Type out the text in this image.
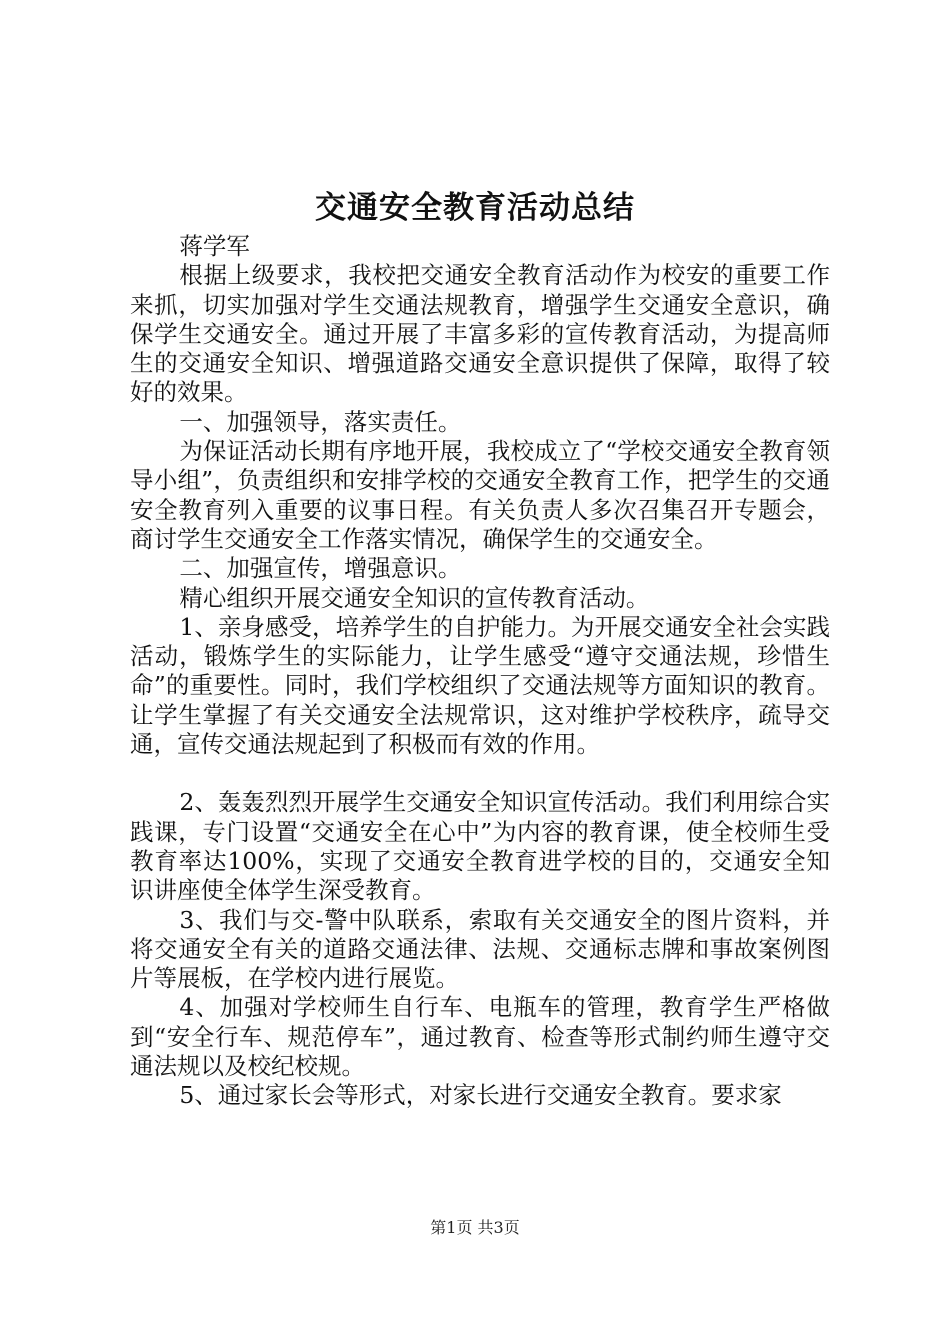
交通安全教育活动总结

蒋学军

根据上级要求，我校把交通安全教育活动作为校安的重要工作来抓，切实加强对学生交通法规教育，增强学生交通安全意识，确保学生交通安全。通过开展了丰富多彩的宣传教育活动，为提高师生的交通安全知识、增强道路交通安全意识提供了保障，取得了较好的效果。

一、加强领导，落实责任。

为保证活动长期有序地开展，我校成立了“学校交通安全教育领导小组”，负责组织和安排学校的交通安全教育工作，把学生的交通安全教育列入重要的议事日程。有关负责人多次召集召开专题会，商讨学生交通安全工作落实情况，确保学生的交通安全。

二、加强宣传，增强意识。

精心组织开展交通安全知识的宣传教育活动。

1、亲身感受，培养学生的自护能力。为开展交通安全社会实践活动，锻炼学生的实际能力，让学生感受“遵守交通法规，珍惜生命”的重要性。同时，我们学校组织了交通法规等方面知识的教育。让学生掌握了有关交通安全法规常识，这对维护学校秩序，疏导交通，宣传交通法规起到了积极而有效的作用。

2、轰轰烈烈开展学生交通安全知识宣传活动。我们利用综合实践课，专门设置“交通安全在心中”为内容的教育课，使全校师生受教育率达100%，实现了交通安全教育进学校的目的，交通安全知识讲座使全体学生深受教育。

3、我们与交-警中队联系，索取有关交通安全的图片资料，并将交通安全有关的道路交通法律、法规、交通标志牌和事故案例图片等展板，在学校内进行展览。

4、加强对学校师生自行车、电瓶车的管理，教育学生严格做到“安全行车、规范停车”，通过教育、检查等形式制约师生遵守交通法规以及校纪校规。

5、通过家长会等形式，对家长进行交通安全教育。要求家

第1页 共3页
